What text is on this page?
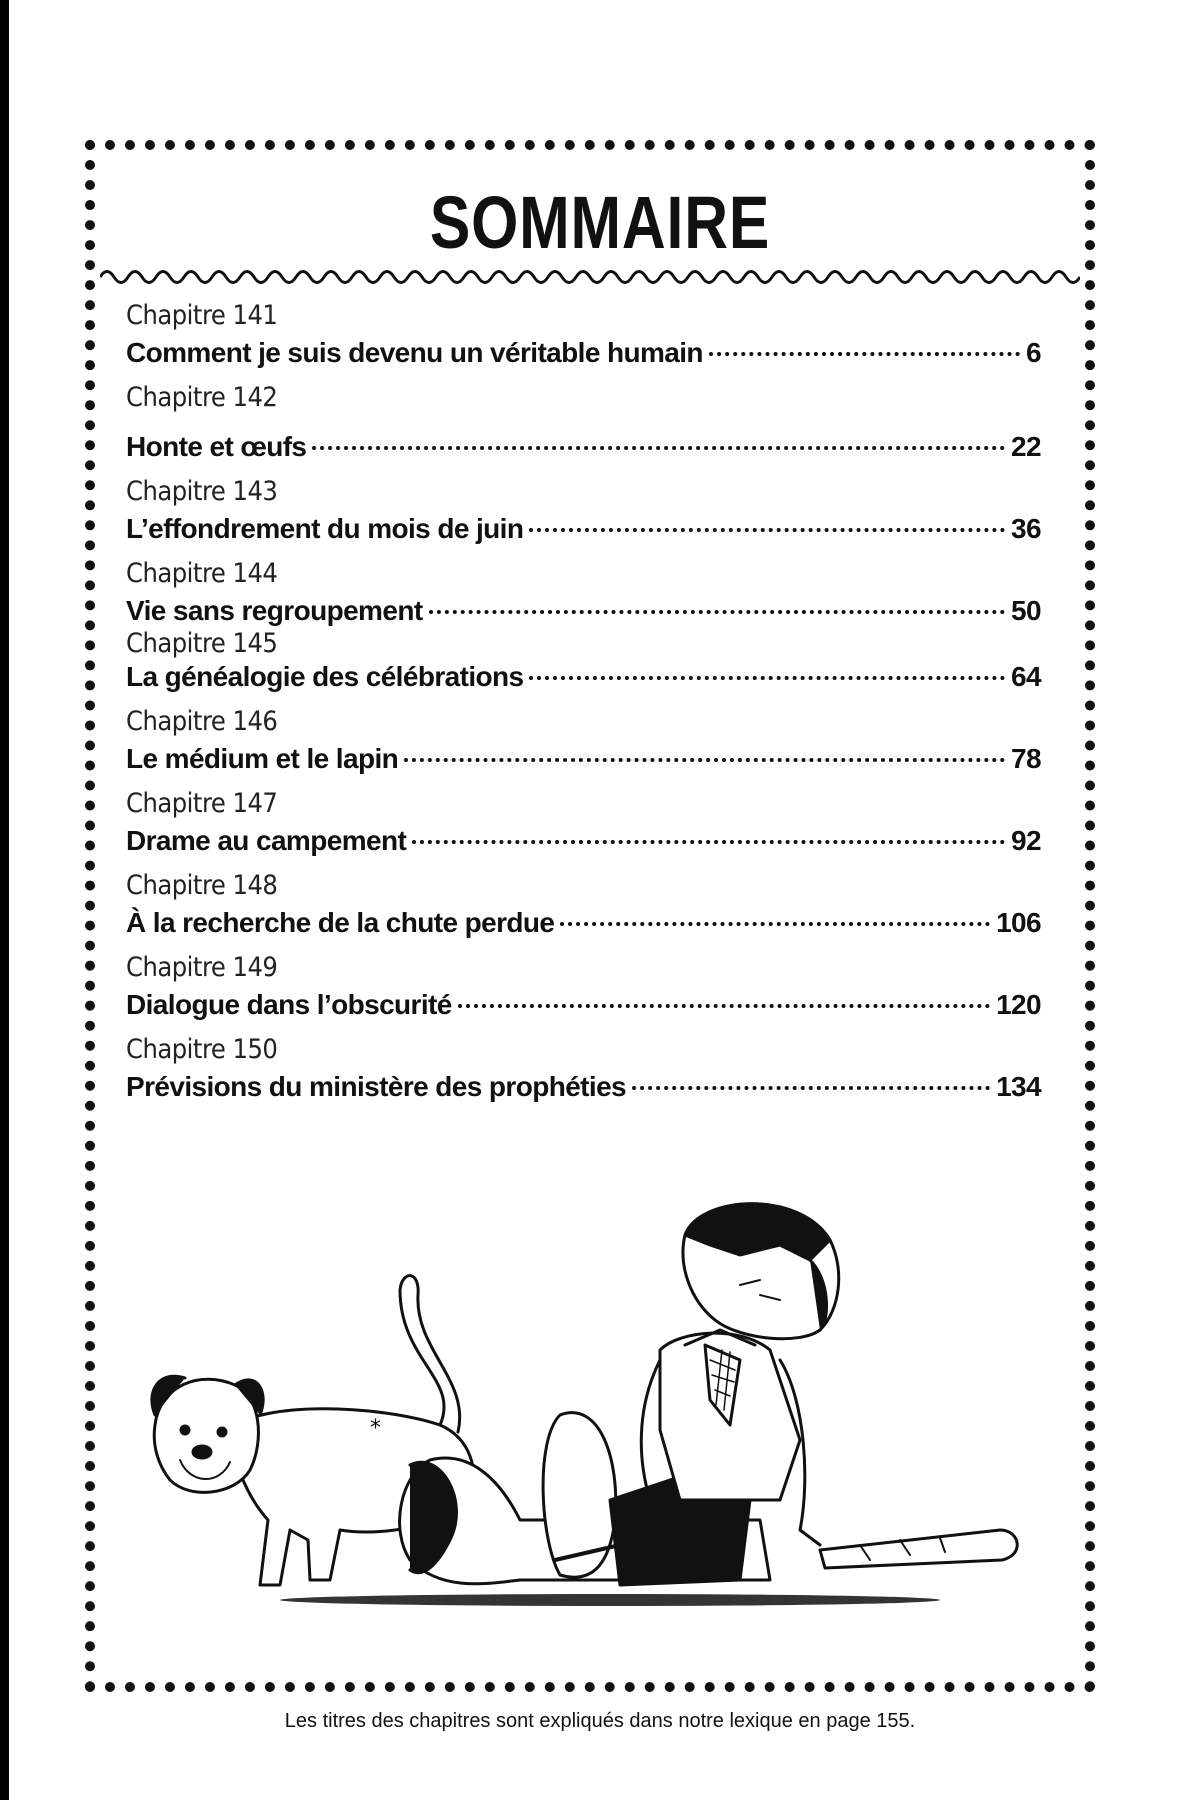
SOMMAIRE
Chapitre 141
Comment je suis devenu un véritable humain	6
Chapitre 142
Honte et œufs	22
Chapitre 143
L’effondrement du mois de juin	36
Chapitre 144
Vie sans regroupement	50
Chapitre 145
La généalogie des célébrations	64
Chapitre 146
Le médium et le lapin	78
Chapitre 147
Drame au campement	92
Chapitre 148
À la recherche de la chute perdue	106
Chapitre 149
Dialogue dans l’obscurité	120
Chapitre 150
Prévisions du ministère des prophéties	134
*
Les titres des chapitres sont expliqués dans notre lexique en page 155.
